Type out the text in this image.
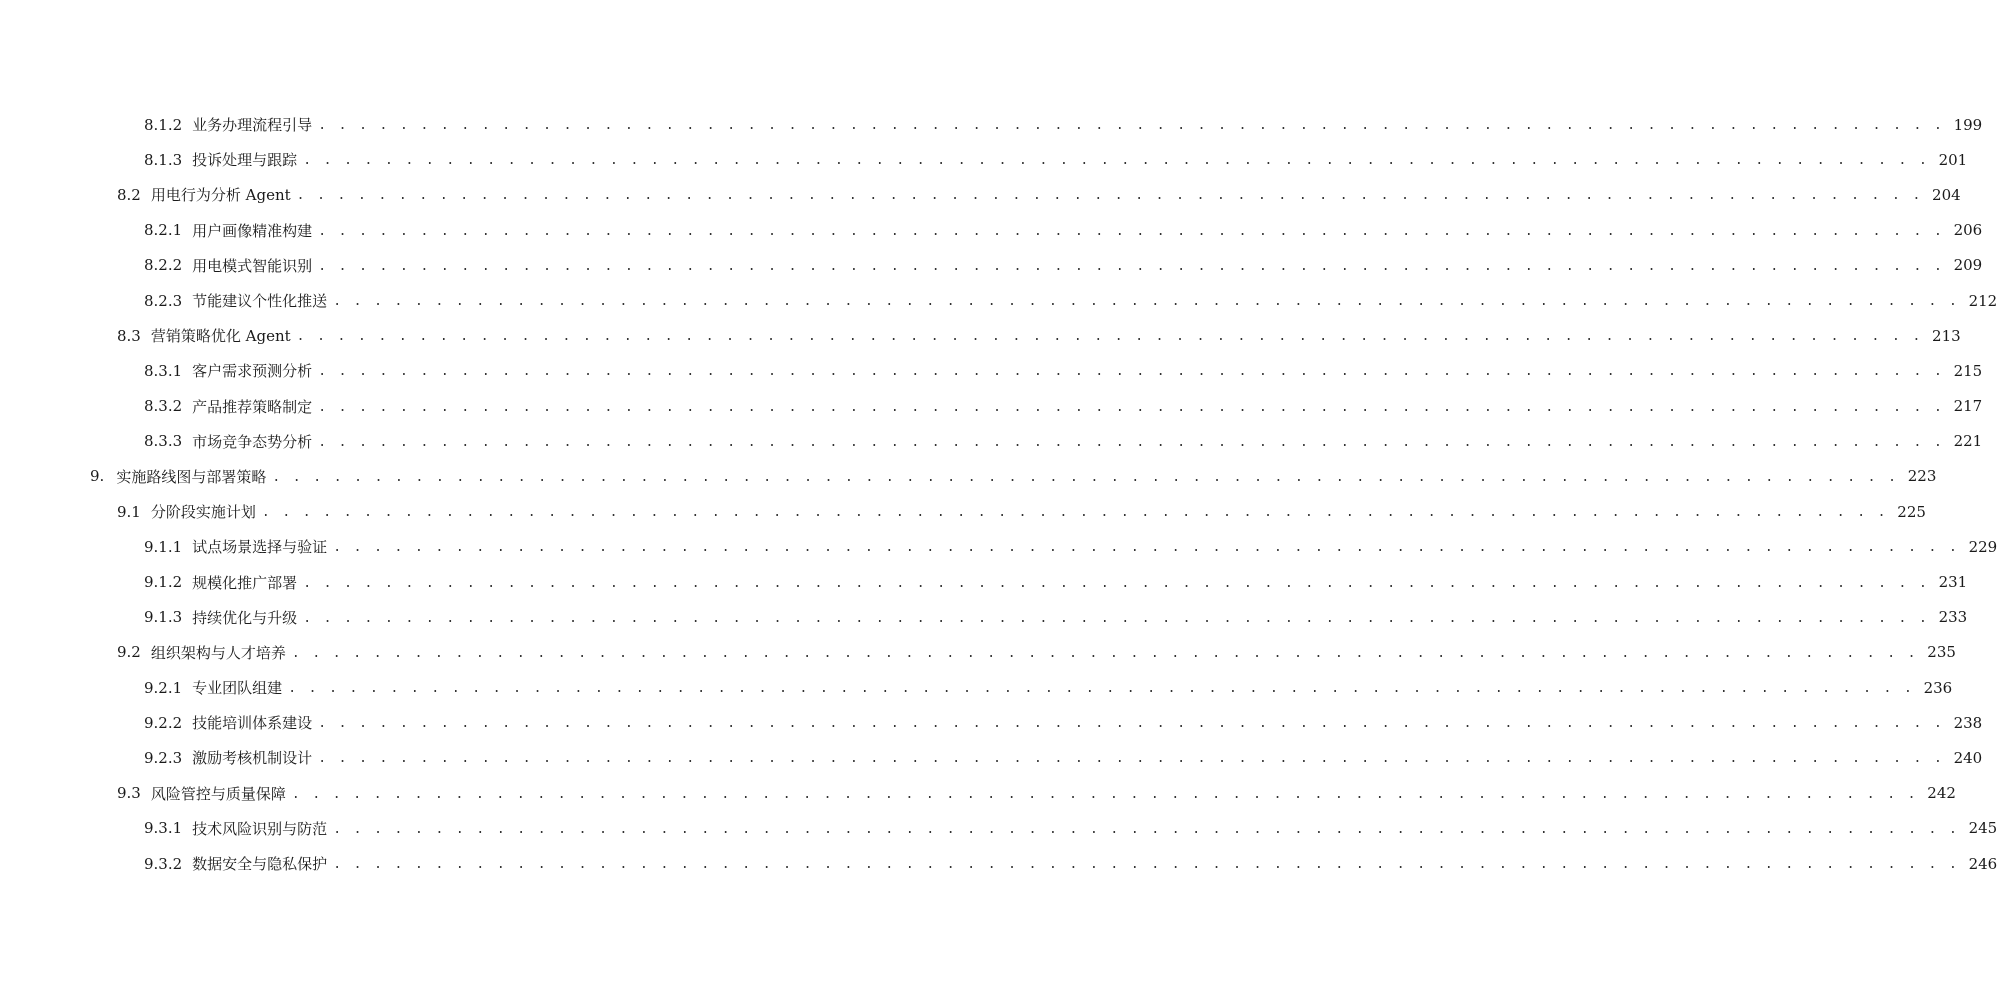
8.1.2 业务办理流程引导 . . . . . . . . . . . . . . . . . . . . . . . . . . . . . . . . . . . . . . . . . . . . . . . . . . . . . . . . . . . . . . . . . . . . . . . . . . . . . . . . 199
8.1.3 投诉处理与跟踪 . . . . . . . . . . . . . . . . . . . . . . . . . . . . . . . . . . . . . . . . . . . . . . . . . . . . . . . . . . . . . . . . . . . . . . . . . . . . . . . . 201
8.2 用电行为分析 Agent . . . . . . . . . . . . . . . . . . . . . . . . . . . . . . . . . . . . . . . . . . . . . . . . . . . . . . . . . . . . . . . . . . . . . . . . . . . . . . . . 204
8.2.1 用户画像精准构建 . . . . . . . . . . . . . . . . . . . . . . . . . . . . . . . . . . . . . . . . . . . . . . . . . . . . . . . . . . . . . . . . . . . . . . . . . . . . . . . . 206
8.2.2 用电模式智能识别 . . . . . . . . . . . . . . . . . . . . . . . . . . . . . . . . . . . . . . . . . . . . . . . . . . . . . . . . . . . . . . . . . . . . . . . . . . . . . . . . 209
8.2.3 节能建议个性化推送 . . . . . . . . . . . . . . . . . . . . . . . . . . . . . . . . . . . . . . . . . . . . . . . . . . . . . . . . . . . . . . . . . . . . . . . . . . . . . . . . 212
8.3 营销策略优化 Agent . . . . . . . . . . . . . . . . . . . . . . . . . . . . . . . . . . . . . . . . . . . . . . . . . . . . . . . . . . . . . . . . . . . . . . . . . . . . . . . . 213
8.3.1 客户需求预测分析 . . . . . . . . . . . . . . . . . . . . . . . . . . . . . . . . . . . . . . . . . . . . . . . . . . . . . . . . . . . . . . . . . . . . . . . . . . . . . . . . 215
8.3.2 产品推荐策略制定 . . . . . . . . . . . . . . . . . . . . . . . . . . . . . . . . . . . . . . . . . . . . . . . . . . . . . . . . . . . . . . . . . . . . . . . . . . . . . . . . 217
8.3.3 市场竞争态势分析 . . . . . . . . . . . . . . . . . . . . . . . . . . . . . . . . . . . . . . . . . . . . . . . . . . . . . . . . . . . . . . . . . . . . . . . . . . . . . . . . 221
9. 实施路线图与部署策略 . . . . . . . . . . . . . . . . . . . . . . . . . . . . . . . . . . . . . . . . . . . . . . . . . . . . . . . . . . . . . . . . . . . . . . . . . . . . . . . . 223
9.1 分阶段实施计划 . . . . . . . . . . . . . . . . . . . . . . . . . . . . . . . . . . . . . . . . . . . . . . . . . . . . . . . . . . . . . . . . . . . . . . . . . . . . . . . . 225
9.1.1 试点场景选择与验证 . . . . . . . . . . . . . . . . . . . . . . . . . . . . . . . . . . . . . . . . . . . . . . . . . . . . . . . . . . . . . . . . . . . . . . . . . . . . . . . . 229
9.1.2 规模化推广部署 . . . . . . . . . . . . . . . . . . . . . . . . . . . . . . . . . . . . . . . . . . . . . . . . . . . . . . . . . . . . . . . . . . . . . . . . . . . . . . . . 231
9.1.3 持续优化与升级 . . . . . . . . . . . . . . . . . . . . . . . . . . . . . . . . . . . . . . . . . . . . . . . . . . . . . . . . . . . . . . . . . . . . . . . . . . . . . . . . 233
9.2 组织架构与人才培养 . . . . . . . . . . . . . . . . . . . . . . . . . . . . . . . . . . . . . . . . . . . . . . . . . . . . . . . . . . . . . . . . . . . . . . . . . . . . . . . . 235
9.2.1 专业团队组建 . . . . . . . . . . . . . . . . . . . . . . . . . . . . . . . . . . . . . . . . . . . . . . . . . . . . . . . . . . . . . . . . . . . . . . . . . . . . . . . . 236
9.2.2 技能培训体系建设 . . . . . . . . . . . . . . . . . . . . . . . . . . . . . . . . . . . . . . . . . . . . . . . . . . . . . . . . . . . . . . . . . . . . . . . . . . . . . . . . 238
9.2.3 激励考核机制设计 . . . . . . . . . . . . . . . . . . . . . . . . . . . . . . . . . . . . . . . . . . . . . . . . . . . . . . . . . . . . . . . . . . . . . . . . . . . . . . . . 240
9.3 风险管控与质量保障 . . . . . . . . . . . . . . . . . . . . . . . . . . . . . . . . . . . . . . . . . . . . . . . . . . . . . . . . . . . . . . . . . . . . . . . . . . . . . . . . 242
9.3.1 技术风险识别与防范 . . . . . . . . . . . . . . . . . . . . . . . . . . . . . . . . . . . . . . . . . . . . . . . . . . . . . . . . . . . . . . . . . . . . . . . . . . . . . . . . 245
9.3.2 数据安全与隐私保护 . . . . . . . . . . . . . . . . . . . . . . . . . . . . . . . . . . . . . . . . . . . . . . . . . . . . . . . . . . . . . . . . . . . . . . . . . . . . . . . . 246
